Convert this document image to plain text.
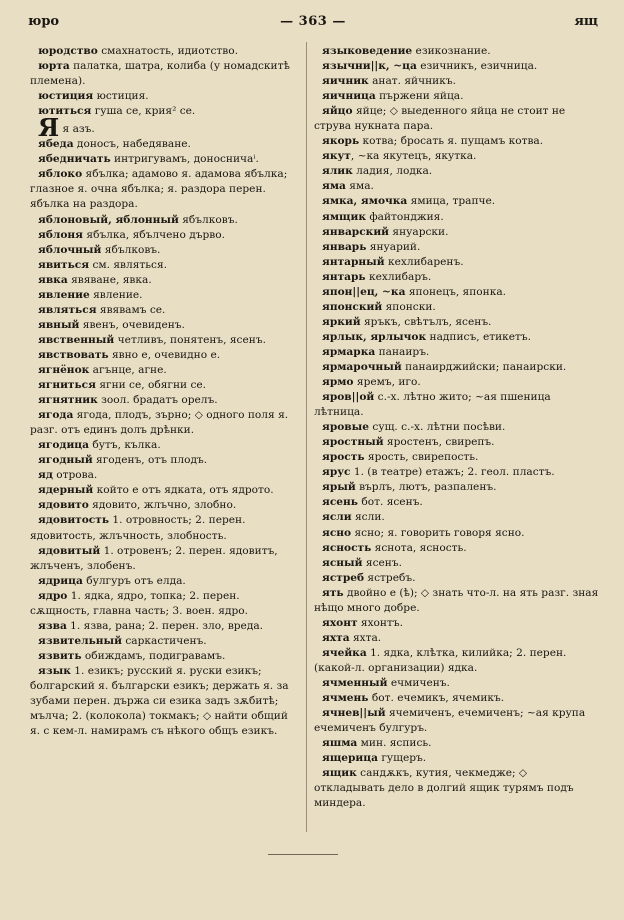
юро	— 363 —	ящ

юродство смахнатость, идиотство.

юрта палатка, шатра, колиба (у номадскитѣ племена).

юстиция юстиция.

ютиться гуша се, крия² се.

Я я азъ.

ябеда доносъ, набедяване.

ябедничать интригувамъ, доносничаⁱ.

яблоко ябълка; адамово я. адамова ябълка; глазное я. очна ябълка; я. раздора перен. ябълка на раздора.

яблоновый, яблонный ябълковъ.

яблоня ябълка, ябълчено дърво.

яблочный ябълковъ.

явиться см. являться.

явка явяване, явка.

явление явление.

являться явявамъ се.

явный явенъ, очевиденъ.

явственный четливъ, понятенъ, ясенъ.

явствовать явно е, очевидно е.

ягнёнок агънце, агне.

ягниться ягни се, обягни се.

ягнятник зоол. брадатъ орелъ.

ягода ягода, плодъ, зърно; ◇ одного поля я. разг. отъ единъ долъ дрѣнки.

ягодица бутъ, кълка.

ягодный ягоденъ, отъ плодъ.

яд отрова.

ядерный който е отъ ядката, отъ ядрото.

ядовито ядовито, жлъчно, злобно.

ядовитость 1. отровность; 2. перен. ядовитость, жлъчность, злобность.

ядовитый 1. отровенъ; 2. перен. ядовитъ, жлъченъ, злобенъ.

ядрица булгуръ отъ елда.

ядро 1. ядка, ядро, топка; 2. перен. сѫщность, главна часть; 3. воен. ядро.

язва 1. язва, рана; 2. перен. зло, вреда.

язвительный саркастиченъ.

язвить обиждамъ, подигравамъ.

язык 1. езикъ; русский я. руски езикъ; болгарский я. български езикъ; держать я. за зубами перен. държа си езика задъ зѫбитѣ; мълча; 2. (колокола) токмакъ; ◇ найти общий я. с кем-л. намирамъ съ нѣкого общъ езикъ.

языковедение езикознание.

язычни||к, ~ца езичникъ, езичница.

яичник анат. яйчникъ.

яичница пържени яйца.

яйцо яйце; ◇ выеденного яйца не стоит не струва нукната пара.

якорь котва; бросать я. пущамъ котва.

якут, ~ка якутецъ, якутка.

ялик ладия, лодка.

яма яма.

ямка, ямочка ямица, трапче.

ямщик файтонджия.

январский януарски.

январь януарий.

янтарный кехлибаренъ.

янтарь кехлибаръ.

япон||ец, ~ка японецъ, японка.

японский японски.

яркий яръкъ, свѣтълъ, ясенъ.

ярлык, ярлычок надписъ, етикетъ.

ярмарка панаиръ.

ярмарочный панаирджийски; панаирски.

ярмо яремъ, иго.

яров||ой с.-х. лѣтно жито; ~ая пшеница лѣтница.

яровые сущ. с.-х. лѣтни посѣви.

яростный яростенъ, свирепъ.

ярость ярость, свирепость.

ярус 1. (в театре) етажъ; 2. геол. пластъ.

ярый върлъ, лютъ, разпаленъ.

ясень бот. ясенъ.

ясли ясли.

ясно ясно; я. говорить говоря ясно.

ясность яснота, ясность.

ясный ясенъ.

ястреб ястребъ.

ять двойно е (ѣ); ◇ знать что-л. на ять разг. зная нѣщо много добре.

яхонт яхонтъ.

яхта яхта.

ячейка 1. ядка, клѣтка, килийка; 2. перен. (какой-л. организации) ядка.

ячменный ечмиченъ.

ячмень бот. ечемикъ, ячемикъ.

ячнев||ый ячемиченъ, ечемиченъ; ~ая крупа ечемиченъ булгуръ.

яшма мин. яспись.

ящерица гущеръ.

ящик сандѫкъ, кутия, чекмедже; ◇ откладывать дело в долгий ящик турямъ подъ миндера.
